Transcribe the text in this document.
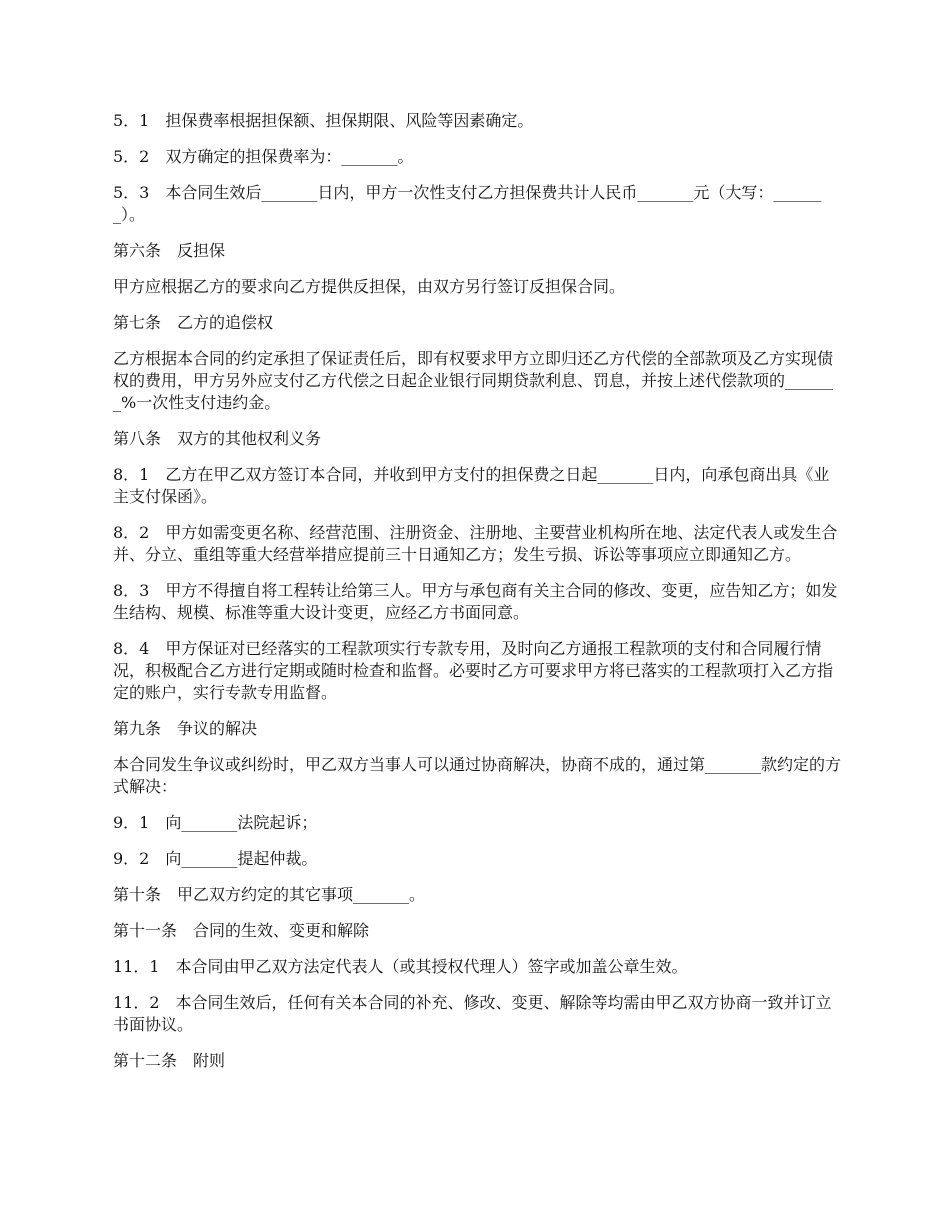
5．1　担保费率根据担保额、担保期限、风险等因素确定。

5．2　双方确定的担保费率为：_______。

5．3　本合同生效后_______日内，甲方一次性支付乙方担保费共计人民币_______元（大写：_______）。

第六条　反担保

甲方应根据乙方的要求向乙方提供反担保，由双方另行签订反担保合同。

第七条　乙方的追偿权

乙方根据本合同的约定承担了保证责任后，即有权要求甲方立即归还乙方代偿的全部款项及乙方实现债权的费用，甲方另外应支付乙方代偿之日起企业银行同期贷款利息、罚息，并按上述代偿款项的_______%一次性支付违约金。

第八条　双方的其他权利义务

8．1　乙方在甲乙双方签订本合同，并收到甲方支付的担保费之日起_______日内，向承包商出具《业主支付保函》。

8．2　甲方如需变更名称、经营范围、注册资金、注册地、主要营业机构所在地、法定代表人或发生合并、分立、重组等重大经营举措应提前三十日通知乙方；发生亏损、诉讼等事项应立即通知乙方。

8．3　甲方不得擅自将工程转让给第三人。甲方与承包商有关主合同的修改、变更，应告知乙方；如发生结构、规模、标准等重大设计变更，应经乙方书面同意。

8．4　甲方保证对已经落实的工程款项实行专款专用，及时向乙方通报工程款项的支付和合同履行情况，积极配合乙方进行定期或随时检查和监督。必要时乙方可要求甲方将已落实的工程款项打入乙方指定的账户，实行专款专用监督。

第九条　争议的解决

本合同发生争议或纠纷时，甲乙双方当事人可以通过协商解决，协商不成的，通过第_______款约定的方式解决：

9．1　向_______法院起诉；

9．2　向_______提起仲裁。

第十条　甲乙双方约定的其它事项_______。

第十一条　合同的生效、变更和解除

11．1　本合同由甲乙双方法定代表人（或其授权代理人）签字或加盖公章生效。

11．2　本合同生效后，任何有关本合同的补充、修改、变更、解除等均需由甲乙双方协商一致并订立书面协议。

第十二条　附则
